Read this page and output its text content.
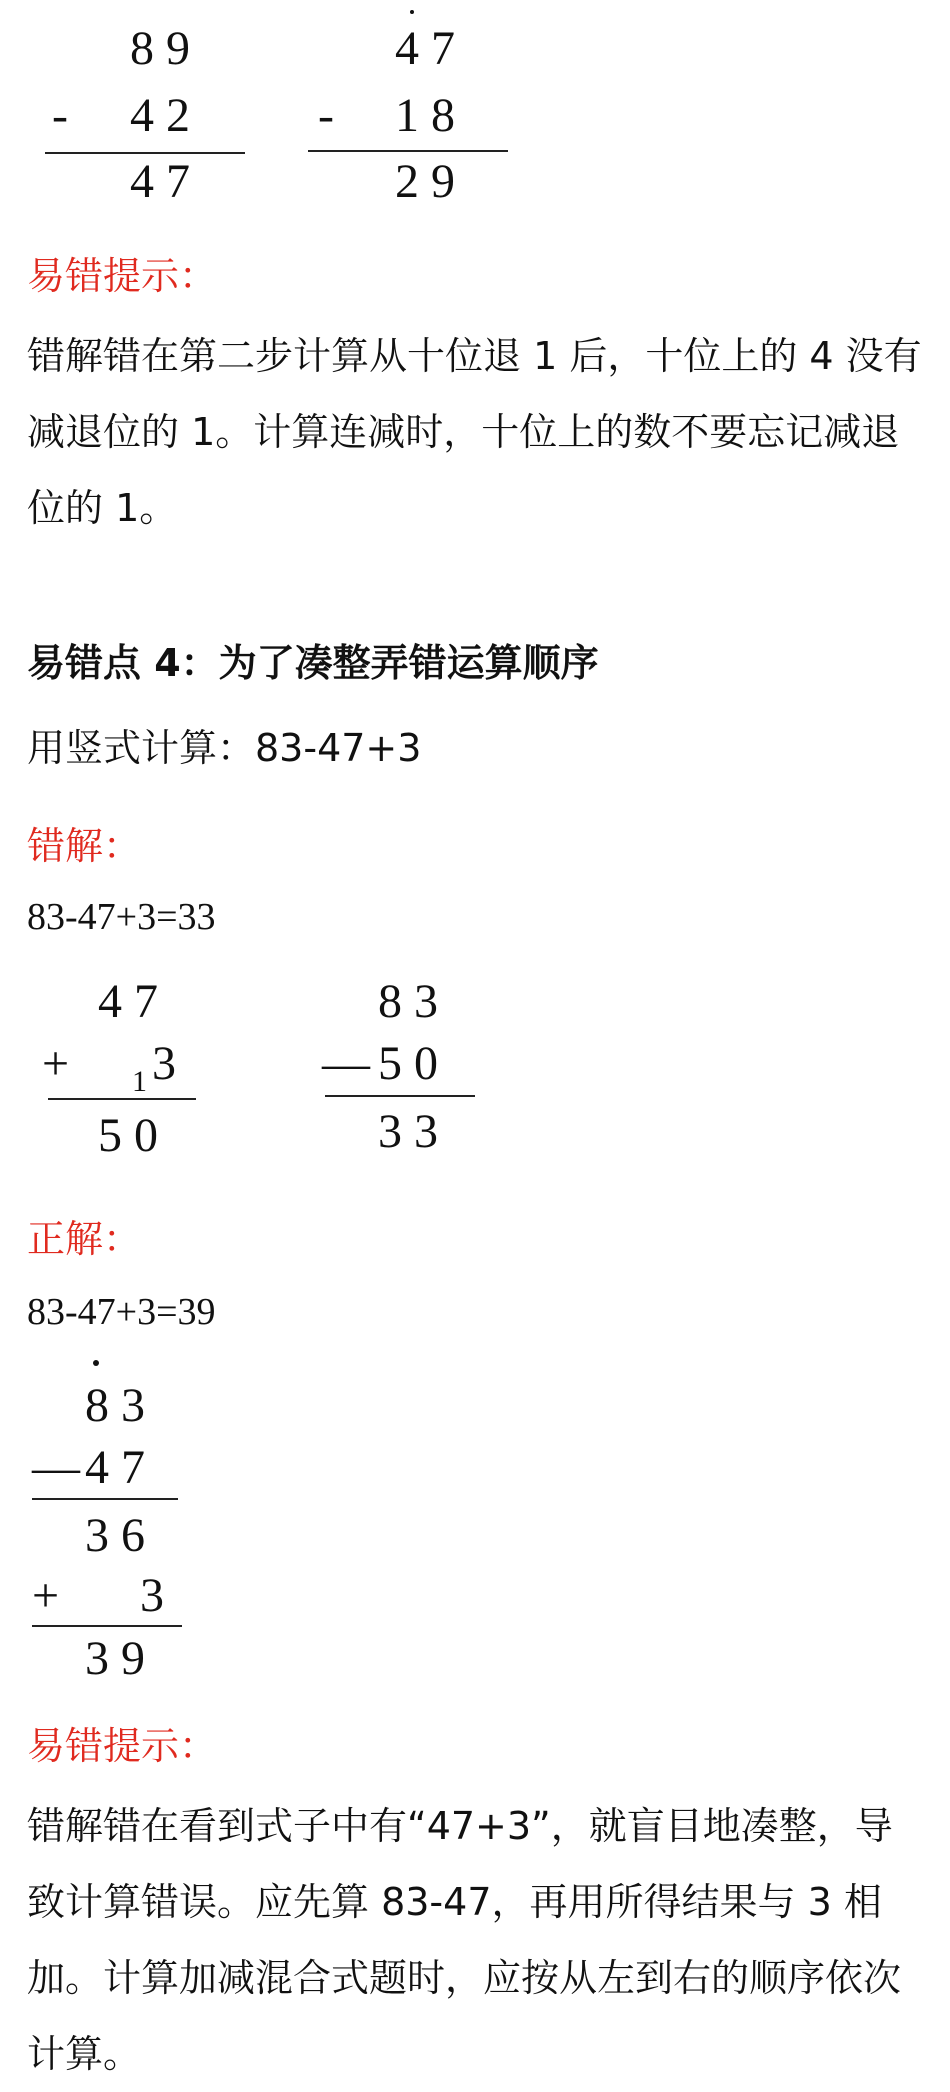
8 9
- 4 2
4 7
4 7
- 1 8
2 9
易错提示：
错解错在第二步计算从十位退 1 后，十位上的 4 没有减退位的 1。计算连减时，十位上的数不要忘记减退位的 1。
易错点 4：为了凑整弄错运算顺序
用竖式计算：83-47+3
错解：
83-47+3=33
4 7
+ 1 3
5 0
8 3
— 5 0
3 3
正解：
83-47+3=39
8 3
— 4 7
3 6
+ 3
3 9
易错提示：
错解错在看到式子中有“47+3”，就盲目地凑整，导致计算错误。应先算 83-47，再用所得结果与 3 相加。计算加减混合式题时，应按从左到右的顺序依次计算。
